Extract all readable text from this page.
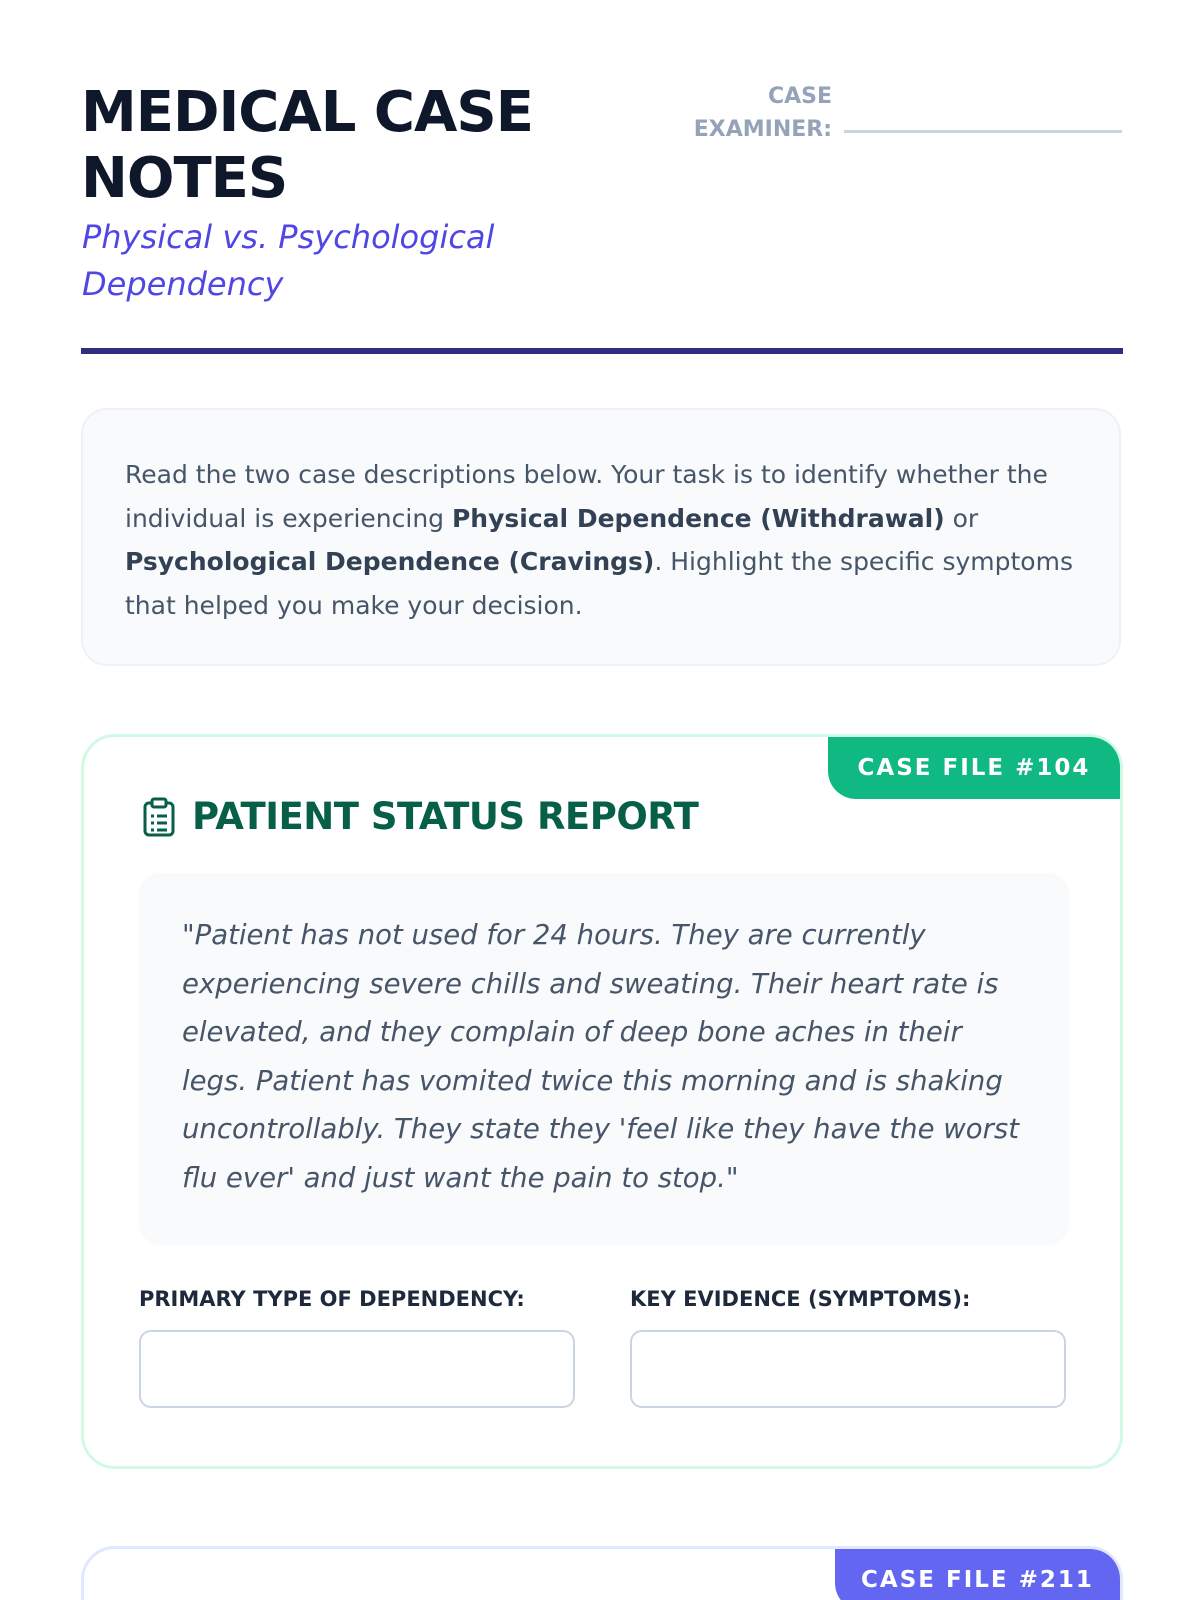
MEDICAL CASE NOTES

Physical vs. Psychological Dependency

CASE EXAMINER:

Read the two case descriptions below. Your task is to identify whether the individual is experiencing Physical Dependence (Withdrawal) or Psychological Dependence (Cravings). Highlight the specific symptoms that helped you make your decision.

CASE FILE #104
PATIENT STATUS REPORT

"Patient has not used for 24 hours. They are currently experiencing severe chills and sweating. Their heart rate is elevated, and they complain of deep bone aches in their legs. Patient has vomited twice this morning and is shaking uncontrollably. They state they 'feel like they have the worst flu ever' and just want the pain to stop."

PRIMARY TYPE OF DEPENDENCY:	KEY EVIDENCE (SYMPTOMS):
CASE FILE #211
